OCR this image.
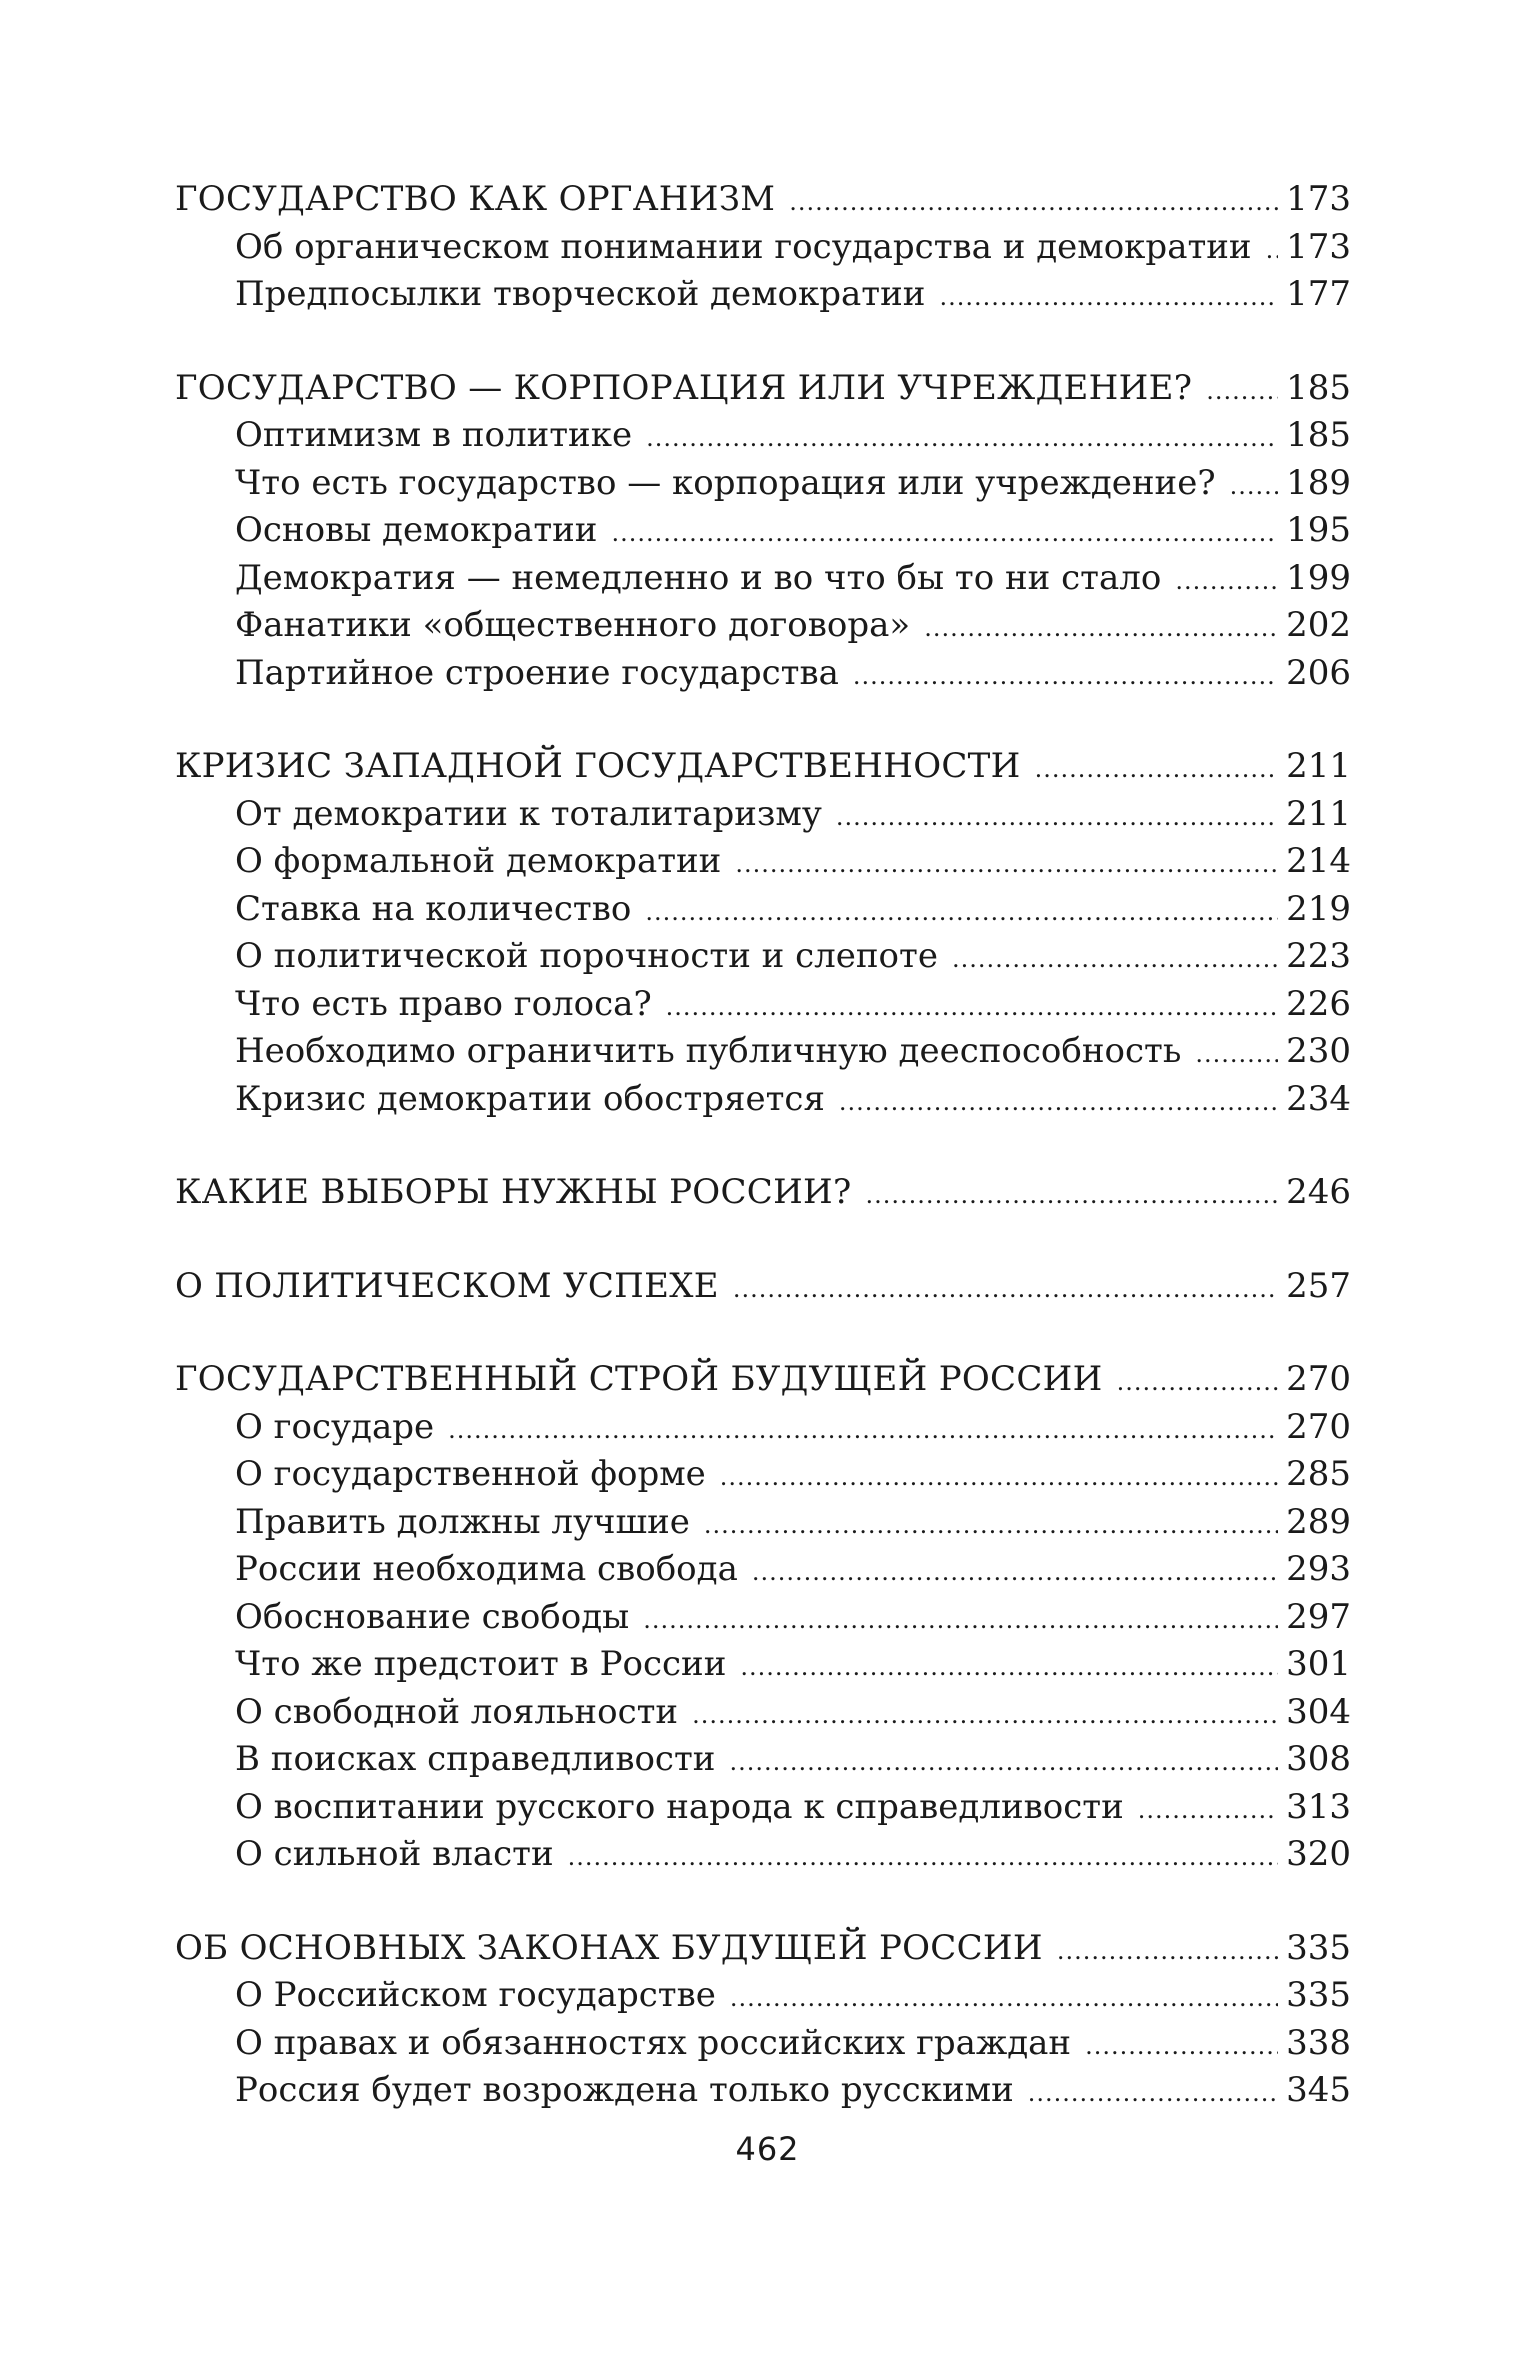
ГОСУДАРСТВО КАК ОРГАНИЗМ .....	173
Об органическом понимании государства и демократии ..... 173
Предпосылки творческой демократии .....	177
ГОСУДАРСТВО — КОРПОРАЦИЯ ИЛИ УЧРЕЖДЕНИЕ? .....	185
Оптимизм в политике .....	185
Что есть государство — корпорация или учреждение? ..... 189
Основы демократии .....	195
Демократия — немедленно и во что бы то ни стало .....	199
Фанатики «общественного договора» .....	202
Партийное строение государства .....	206
КРИЗИС ЗАПАДНОЙ ГОСУДАРСТВЕННОСТИ .....	211
От демократии к тоталитаризму .....	211
О формальной демократии .....	214
Ставка на количество .....	219
О политической порочности и слепоте .....	223
Что есть право голоса? .....	226
Необходимо ограничить публичную дееспособность .....	230
Кризис демократии обостряется .....	234
КАКИЕ ВЫБОРЫ НУЖНЫ РОССИИ? .....	246
О ПОЛИТИЧЕСКОМ УСПЕХЕ .....	257
ГОСУДАРСТВЕННЫЙ СТРОЙ БУДУЩЕЙ РОССИИ .....	270
О государе .....	270
О государственной форме .....	285
Править должны лучшие .....	289
России необходима свобода .....	293
Обоснование свободы .....	297
Что же предстоит в России .....	301
О свободной лояльности .....	304
В поисках справедливости .....	308
О воспитании русского народа к справедливости .....	313
О сильной власти .....	320
ОБ ОСНОВНЫХ ЗАКОНАХ БУДУЩЕЙ РОССИИ .....	335
О Российском государстве .....	335
О правах и обязанностях российских граждан .....	338
Россия будет возрождена только русскими .....	345
462
